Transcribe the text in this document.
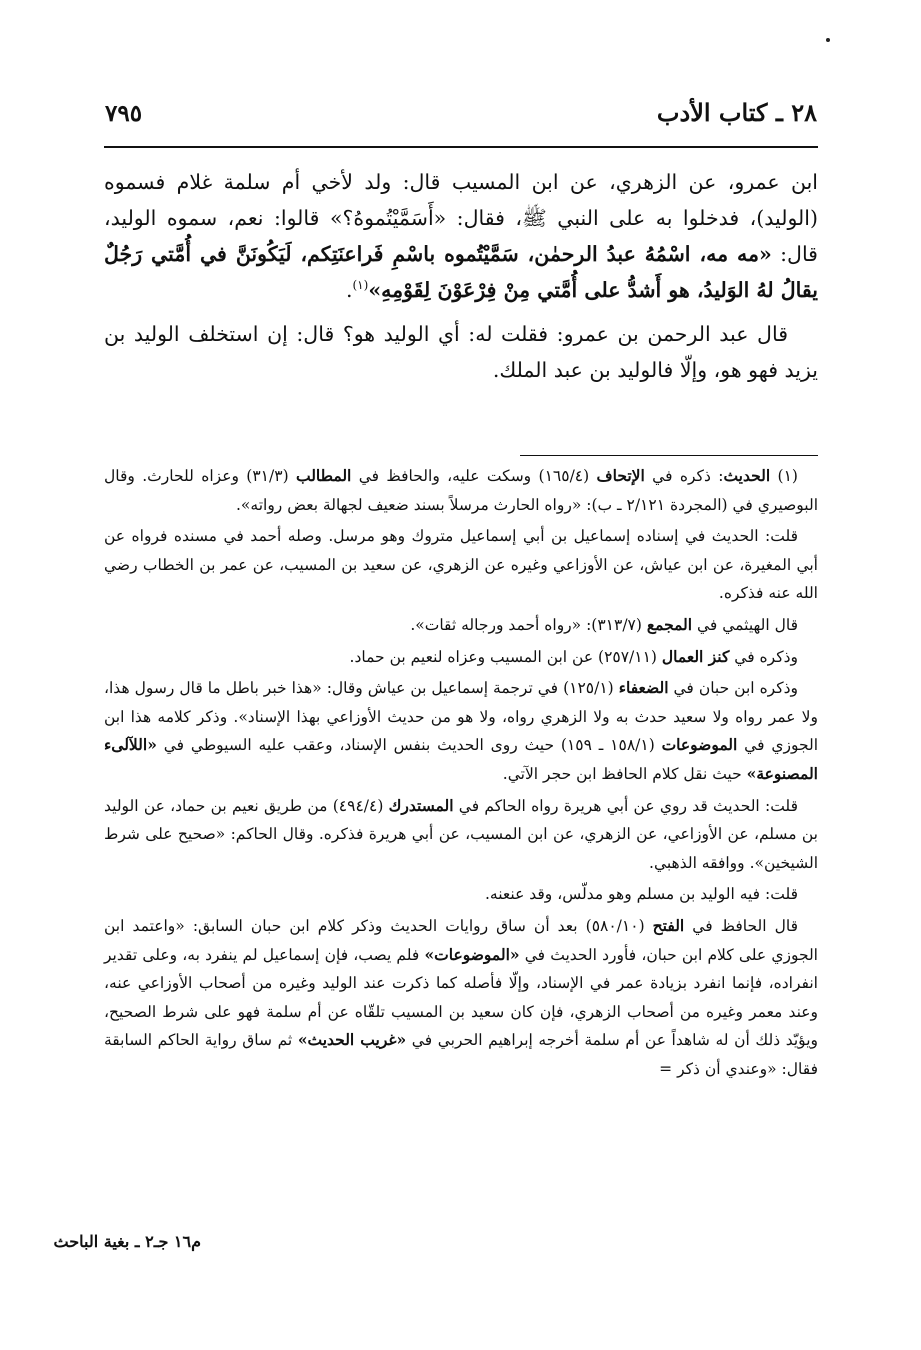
٢٨ ـ كتاب الأدب
٧٩٥

ابن عمرو، عن الزهري، عن ابن المسيب قال: ولد لأخي أم سلمة غلام فسموه (الوليد)، فدخلوا به على النبي ﷺ، فقال: «أَسَمَّيْتُموهُ؟» قالوا: نعم، سموه الوليد، قال: «مه مه، اسْمُهُ عبدُ الرحمٰن، سَمَّيْتُموه باسْمِ فَراعنَتِكم، لَيَكُونَنَّ في أُمَّتي رَجُلٌ يقالُ لهُ الوَليدُ، هو أَشدُّ على أُمَّتي مِنْ فِرْعَوْنَ لِقَوْمِهِ»$^{(١)}$.

قال عبد الرحمن بن عمرو: فقلت له: أي الوليد هو؟ قال: إن استخلف الوليد بن يزيد فهو هو، وإلّا فالوليد بن عبد الملك.

(١) الحديث: ذكره في الإتحاف (١٦٥/٤) وسكت عليه، والحافظ في المطالب (٣١/٣) وعزاه للحارث. وقال البوصيري في (المجردة ٢/١٢١ ـ ب): «رواه الحارث مرسلاً بسند ضعيف لجهالة بعض رواته».

قلت: الحديث في إسناده إسماعيل بن أبي إسماعيل متروك وهو مرسل. وصله أحمد في مسنده فرواه عن أبي المغيرة، عن ابن عياش، عن الأوزاعي وغيره عن الزهري، عن سعيد بن المسيب، عن عمر بن الخطاب رضي الله عنه فذكره.

قال الهيثمي في المجمع (٣١٣/٧): «رواه أحمد ورجاله ثقات».

وذكره في كنز العمال (٢٥٧/١١) عن ابن المسيب وعزاه لنعيم بن حماد.

وذكره ابن حبان في الضعفاء (١٢٥/١) في ترجمة إسماعيل بن عياش وقال: «هذا خبر باطل ما قال رسول هذا، ولا عمر رواه ولا سعيد حدث به ولا الزهري رواه، ولا هو من حديث الأوزاعي بهذا الإسناد». وذكر كلامه هذا ابن الجوزي في الموضوعات (١٥٨/١ ـ ١٥٩) حيث روى الحديث بنفس الإسناد، وعقب عليه السيوطي في «اللآلىء المصنوعة» حيث نقل كلام الحافظ ابن حجر الآتي.

قلت: الحديث قد روي عن أبي هريرة رواه الحاكم في المستدرك (٤٩٤/٤) من طريق نعيم بن حماد، عن الوليد بن مسلم، عن الأوزاعي، عن الزهري، عن ابن المسيب، عن أبي هريرة فذكره. وقال الحاكم: «صحيح على شرط الشيخين». ووافقه الذهبي.

قلت: فيه الوليد بن مسلم وهو مدلّس، وقد عنعنه.

قال الحافظ في الفتح (٥٨٠/١٠) بعد أن ساق روايات الحديث وذكر كلام ابن حبان السابق: «واعتمد ابن الجوزي على كلام ابن حبان، فأورد الحديث في «الموضوعات» فلم يصب، فإن إسماعيل لم ينفرد به، وعلى تقدير انفراده، فإنما انفرد بزيادة عمر في الإسناد، وإلّا فأصله كما ذكرت عند الوليد وغيره من أصحاب الأوزاعي عنه، وعند معمر وغيره من أصحاب الزهري، فإن كان سعيد بن المسيب تلقّاه عن أم سلمة فهو على شرط الصحيح، ويؤيّد ذلك أن له شاهداً عن أم سلمة أخرجه إبراهيم الحربي في «غريب الحديث» ثم ساق رواية الحاكم السابقة فقال: «وعندي أن ذكر =

م١٦ جـ٢ ـ بغية الباحث
